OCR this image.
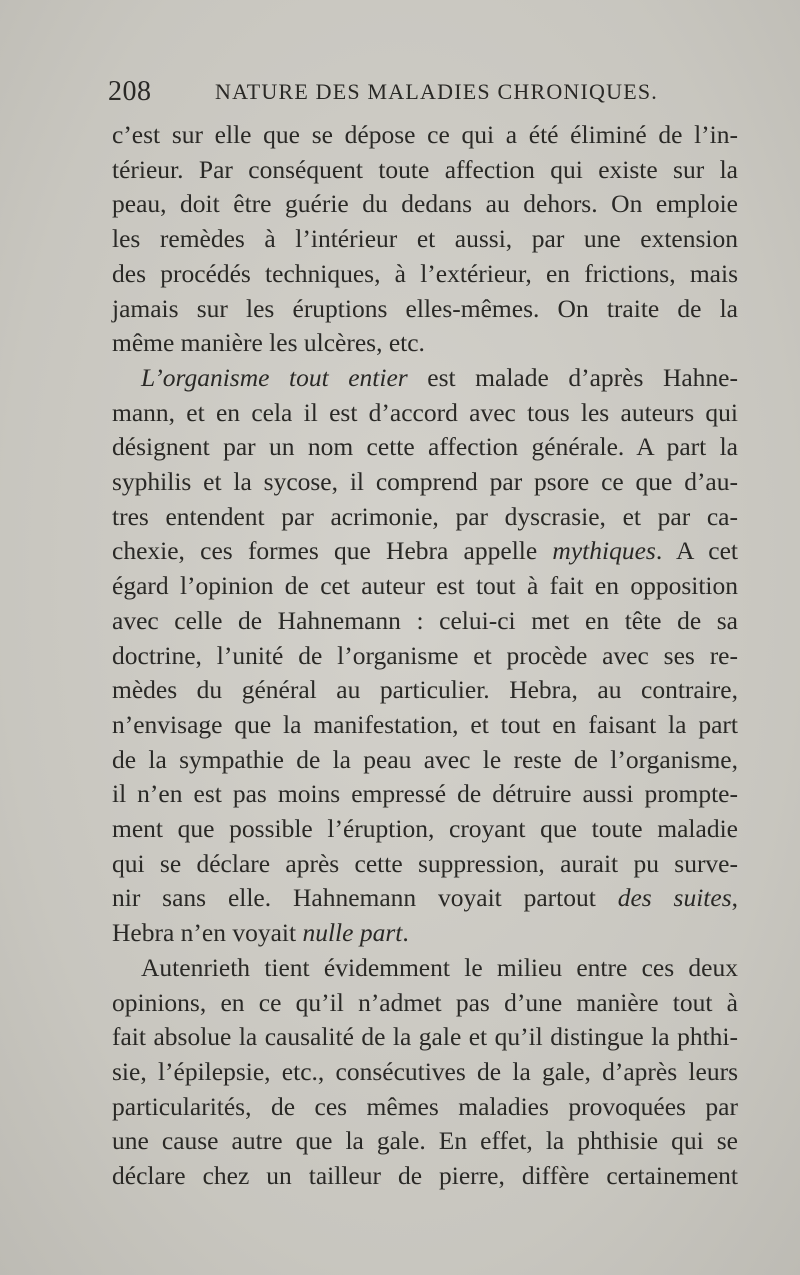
208	NATURE DES MALADIES CHRONIQUES.

c’est sur elle que se dépose ce qui a été éliminé de l’in-
térieur. Par conséquent toute affection qui existe sur la
peau, doit être guérie du dedans au dehors. On emploie
les remèdes à l’intérieur et aussi, par une extension
des procédés techniques, à l’extérieur, en frictions, mais
jamais sur les éruptions elles-mêmes. On traite de la
même manière les ulcères, etc.

L’organisme tout entier est malade d’après Hahne-
mann, et en cela il est d’accord avec tous les auteurs qui
désignent par un nom cette affection générale. A part la
syphilis et la sycose, il comprend par psore ce que d’au-
tres entendent par acrimonie, par dyscrasie, et par ca-
chexie, ces formes que Hebra appelle mythiques. A cet
égard l’opinion de cet auteur est tout à fait en opposition
avec celle de Hahnemann : celui-ci met en tête de sa
doctrine, l’unité de l’organisme et procède avec ses re-
mèdes du général au particulier. Hebra, au contraire,
n’envisage que la manifestation, et tout en faisant la part
de la sympathie de la peau avec le reste de l’organisme,
il n’en est pas moins empressé de détruire aussi prompte-
ment que possible l’éruption, croyant que toute maladie
qui se déclare après cette suppression, aurait pu surve-
nir sans elle. Hahnemann voyait partout des suites,
Hebra n’en voyait nulle part.

Autenrieth tient évidemment le milieu entre ces deux
opinions, en ce qu’il n’admet pas d’une manière tout à
fait absolue la causalité de la gale et qu’il distingue la phthi-
sie, l’épilepsie, etc., consécutives de la gale, d’après leurs
particularités, de ces mêmes maladies provoquées par
une cause autre que la gale. En effet, la phthisie qui se
déclare chez un tailleur de pierre, diffère certainement
